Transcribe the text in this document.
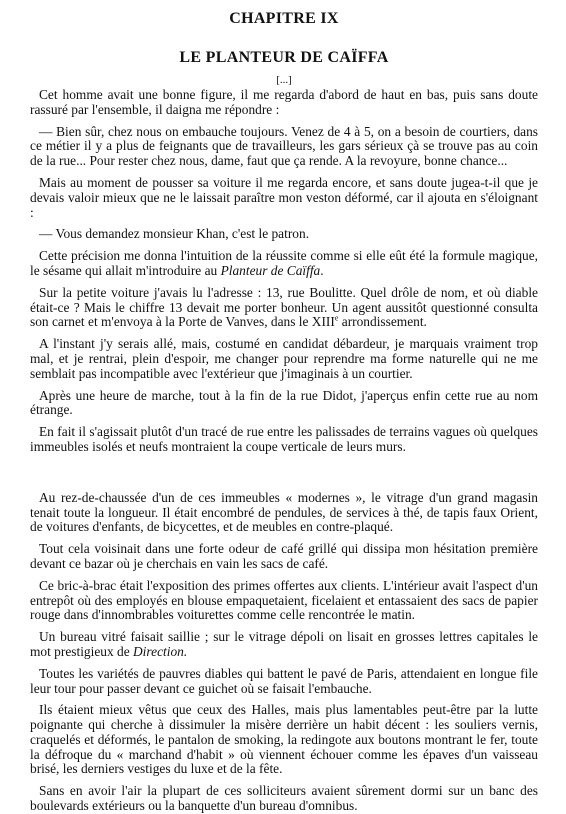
CHAPITRE IX
LE PLANTEUR DE CAÏFFA
[...]

Cet homme avait une bonne figure, il me regarda d'abord de haut en bas, puis sans doute rassuré par l'ensemble, il daigna me répondre :

— Bien sûr, chez nous on embauche toujours. Venez de 4 à 5, on a besoin de courtiers, dans ce métier il y a plus de feignants que de travailleurs, les gars sérieux çà se trouve pas au coin de la rue... Pour rester chez nous, dame, faut que ça rende. A la revoyure, bonne chance...

Mais au moment de pousser sa voiture il me regarda encore, et sans doute jugea-t-il que je devais valoir mieux que ne le laissait paraître mon veston déformé, car il ajouta en s'éloignant :

— Vous demandez monsieur Khan, c'est le patron.

Cette précision me donna l'intuition de la réussite comme si elle eût été la formule magique, le sésame qui allait m'introduire au Planteur de Caïffa.

Sur la petite voiture j'avais lu l'adresse : 13, rue Boulitte. Quel drôle de nom, et où diable était-ce ? Mais le chiffre 13 devait me porter bonheur. Un agent aussitôt questionné consulta son carnet et m'envoya à la Porte de Vanves, dans le XIIIe arrondissement.

A l'instant j'y serais allé, mais, costumé en candidat débardeur, je marquais vraiment trop mal, et je rentrai, plein d'espoir, me changer pour reprendre ma forme naturelle qui ne me semblait pas incompatible avec l'extérieur que j'imaginais à un courtier.

Après une heure de marche, tout à la fin de la rue Didot, j'aperçus enfin cette rue au nom étrange.

En fait il s'agissait plutôt d'un tracé de rue entre les palissades de terrains vagues où quelques immeubles isolés et neufs montraient la coupe verticale de leurs murs.

Au rez-de-chaussée d'un de ces immeubles « modernes », le vitrage d'un grand magasin tenait toute la longueur. Il était encombré de pendules, de services à thé, de tapis faux Orient, de voitures d'enfants, de bicycettes, et de meubles en contre-plaqué.

Tout cela voisinait dans une forte odeur de café grillé qui dissipa mon hésitation première devant ce bazar où je cherchais en vain les sacs de café.

Ce bric-à-brac était l'exposition des primes offertes aux clients. L'intérieur avait l'aspect d'un entrepôt où des employés en blouse empaquetaient, ficelaient et entassaient des sacs de papier rouge dans d'innombrables voiturettes comme celle rencontrée le matin.

Un bureau vitré faisait saillie ; sur le vitrage dépoli on lisait en grosses lettres capitales le mot prestigieux de Direction.

Toutes les variétés de pauvres diables qui battent le pavé de Paris, attendaient en longue file leur tour pour passer devant ce guichet où se faisait l'embauche.

Ils étaient mieux vêtus que ceux des Halles, mais plus lamentables peut-être par la lutte poignante qui cherche à dissimuler la misère derrière un habit décent : les souliers vernis, craquelés et déformés, le pantalon de smoking, la redingote aux boutons montrant le fer, toute la défroque du « marchand d'habit » où viennent échouer comme les épaves d'un vaisseau brisé, les derniers vestiges du luxe et de la fête.

Sans en avoir l'air la plupart de ces solliciteurs avaient sûrement dormi sur un banc des boulevards extérieurs ou la banquette d'un bureau d'omnibus.
